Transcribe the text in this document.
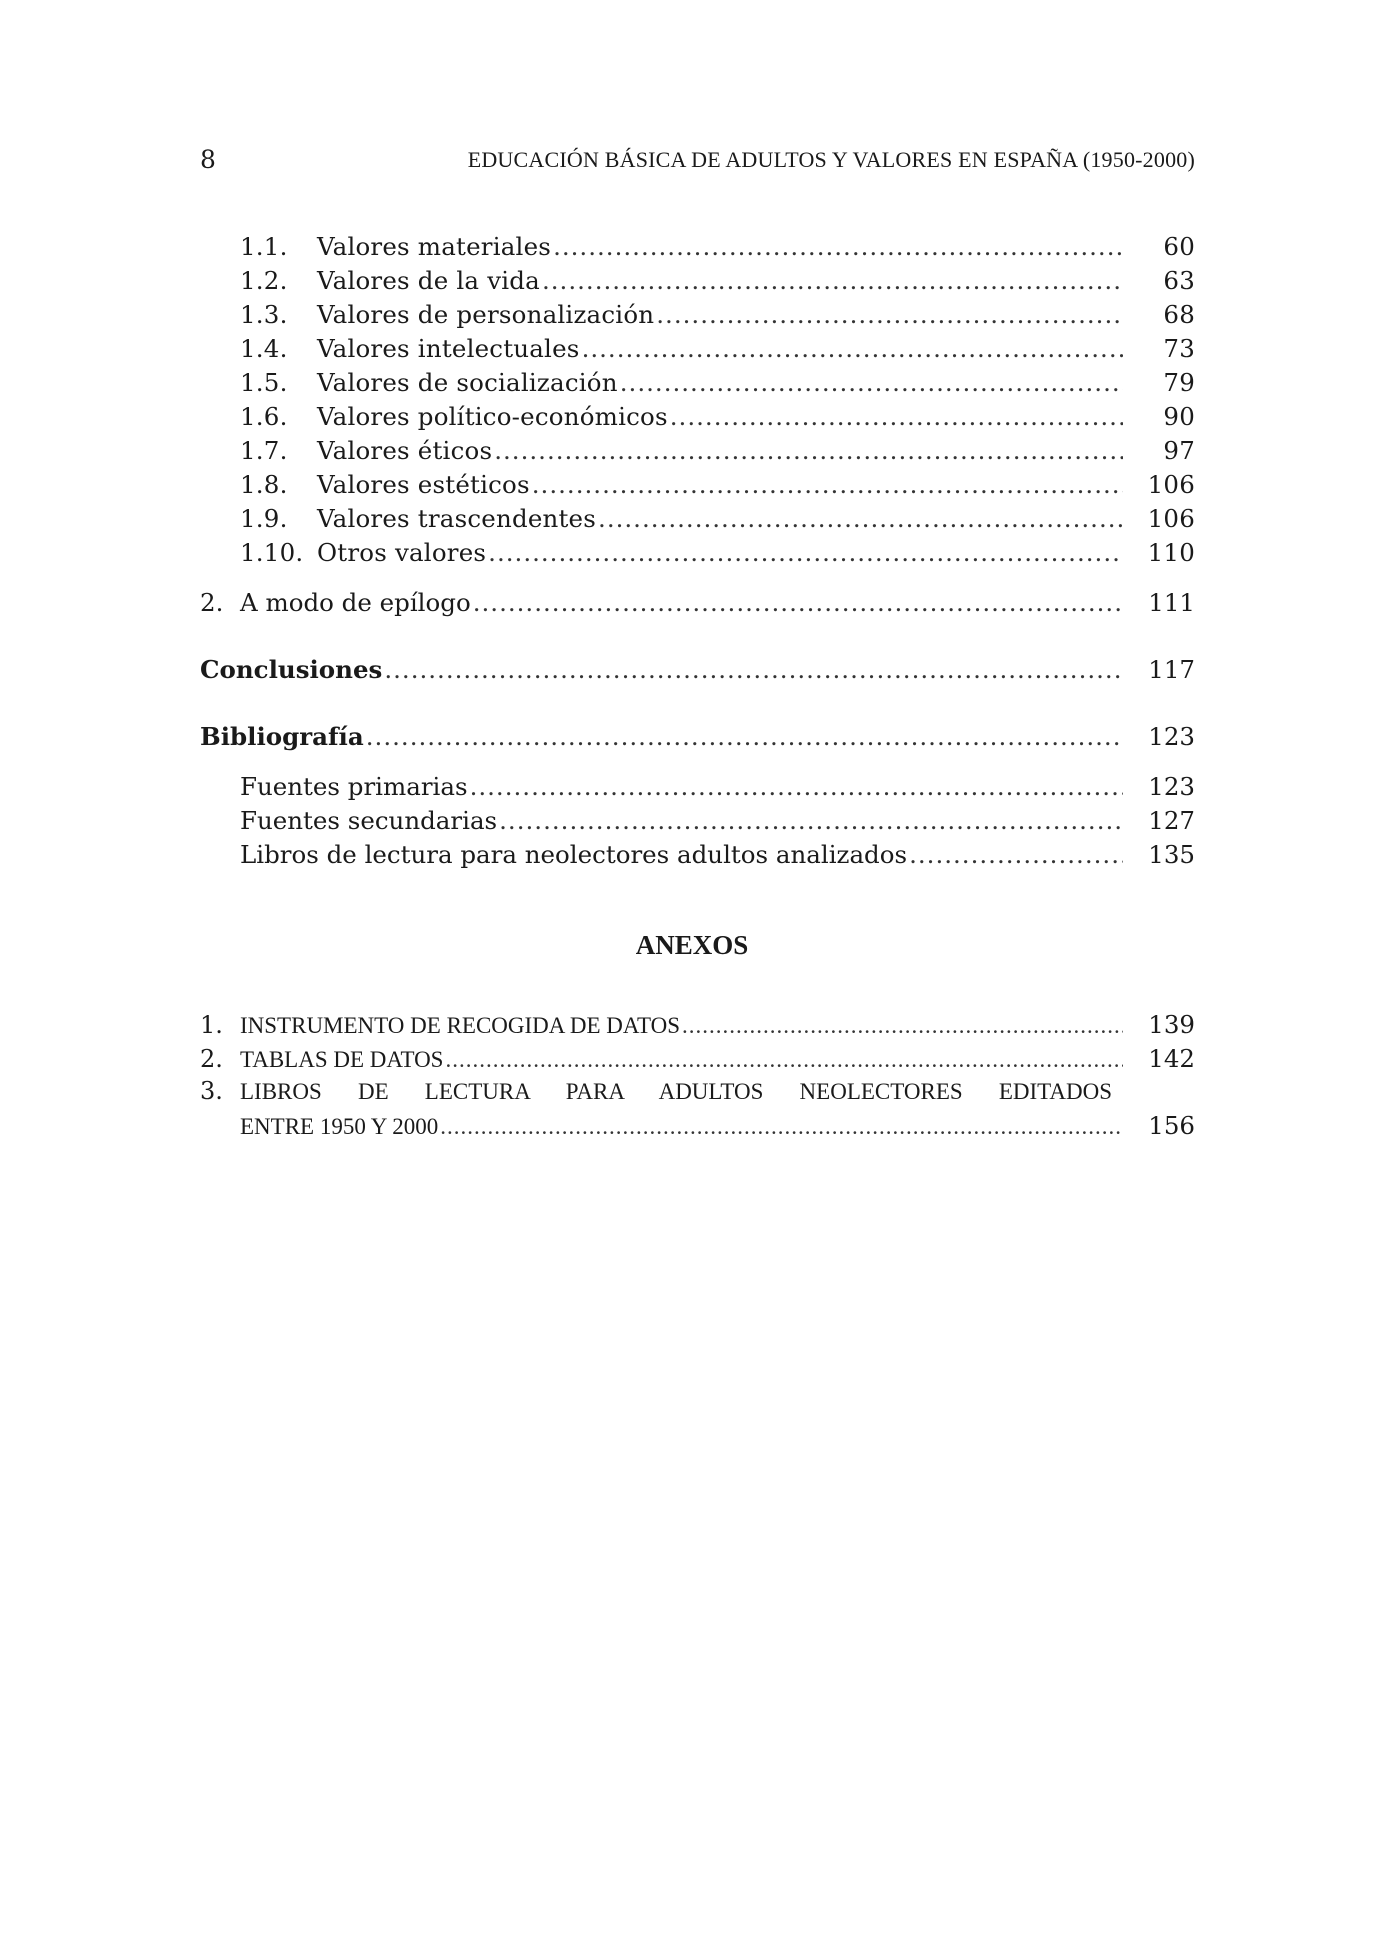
8	EDUCACIÓN BÁSICA DE ADULTOS Y VALORES EN ESPAÑA (1950-2000)
1.1.	Valores materiales .....	60
1.2.	Valores de la vida .....	63
1.3.	Valores de personalización .....	68
1.4.	Valores intelectuales .....	73
1.5.	Valores de socialización .....	79
1.6.	Valores político-económicos .....	90
1.7.	Valores éticos .....	97
1.8.	Valores estéticos .....	106
1.9.	Valores trascendentes .....	106
1.10. Otros valores .....	110
2. A modo de epílogo .....	111
Conclusiones .....	117
Bibliografía .....	123
Fuentes primarias .....	123
Fuentes secundarias .....	127
Libros de lectura para neolectores adultos analizados .....	135
ANEXOS
1. INSTRUMENTO DE RECOGIDA DE DATOS .....	139
2. TABLAS DE DATOS .....	142
3. LIBROS DE LECTURA PARA ADULTOS NEOLECTORES EDITADOS
ENTRE 1950 Y 2000 .....	156
